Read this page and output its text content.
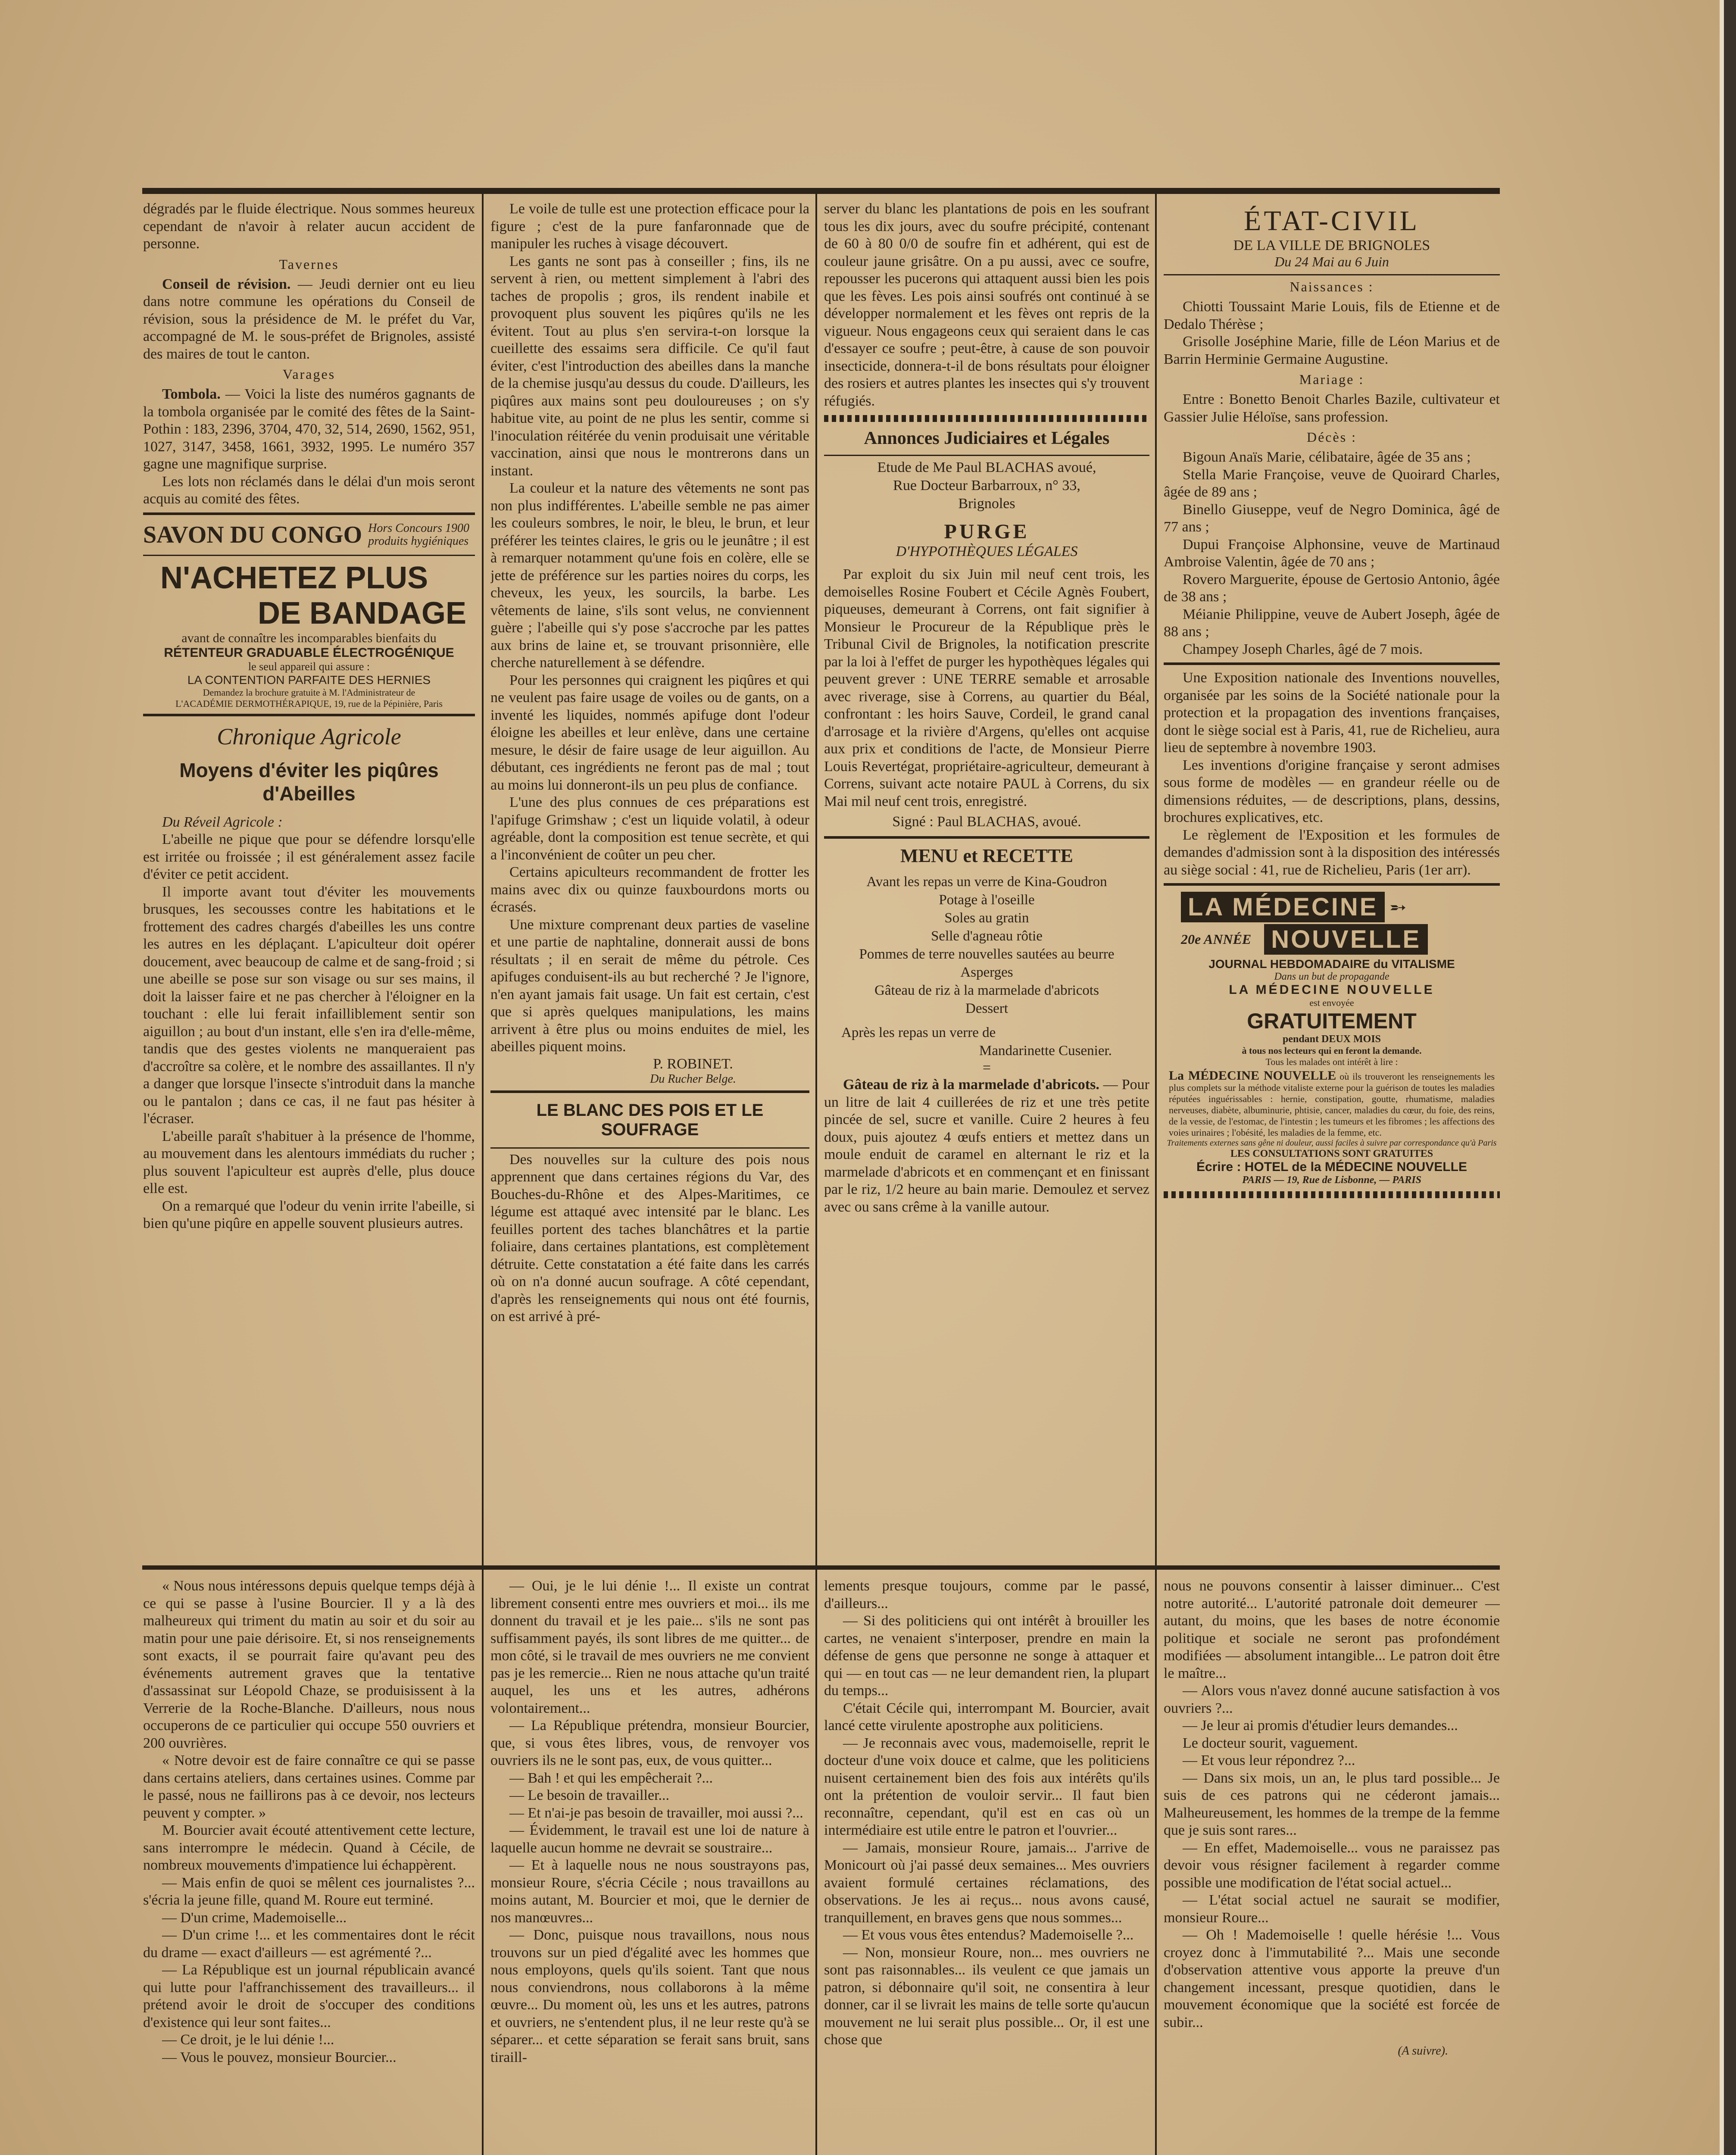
dégradés par le fluide électrique. Nous sommes heureux cependant de n'avoir à relater aucun accident de personne.

Tavernes

Conseil de révision. — Jeudi dernier ont eu lieu dans notre commune les opérations du Conseil de révision, sous la présidence de M. le préfet du Var, accompagné de M. le sous-préfet de Brignoles, assisté des maires de tout le canton.

Varages

Tombola. — Voici la liste des numéros gagnants de la tombola organisée par le comité des fêtes de la Saint-Pothin : 183, 2396, 3704, 470, 32, 514, 2690, 1562, 951, 1027, 3147, 3458, 1661, 3932, 1995. Le numéro 357 gagne une magnifique surprise.

Les lots non réclamés dans le délai d'un mois seront acquis au comité des fêtes.

SAVON DU CONGO Hors Concours 1900
produits hygiéniques
N'ACHETEZ PLUS
DE BANDAGE
avant de connaître les incomparables bienfaits du
RÉTENTEUR GRADUABLE ÉLECTROGÉNIQUE
le seul appareil qui assure :
LA CONTENTION PARFAITE DES HERNIES
Demandez la brochure gratuite à M. l'Administrateur de
L'ACADÉMIE DERMOTHÉRAPIQUE, 19, rue de la Pépinière, Paris
Chronique Agricole
Moyens d'éviter les piqûres d'Abeilles

Du Réveil Agricole :

L'abeille ne pique que pour se défendre lorsqu'elle est irritée ou froissée ; il est généralement assez facile d'éviter ce petit accident.

Il importe avant tout d'éviter les mouvements brusques, les secousses contre les habitations et le frottement des cadres chargés d'abeilles les uns contre les autres en les déplaçant. L'apiculteur doit opérer doucement, avec beaucoup de calme et de sang-froid ; si une abeille se pose sur son visage ou sur ses mains, il doit la laisser faire et ne pas chercher à l'éloigner en la touchant : elle lui ferait infailliblement sentir son aiguillon ; au bout d'un instant, elle s'en ira d'elle-même, tandis que des gestes violents ne manqueraient pas d'accroître sa colère, et le nombre des assaillantes. Il n'y a danger que lorsque l'insecte s'introduit dans la manche ou le pantalon ; dans ce cas, il ne faut pas hésiter à l'écraser.

L'abeille paraît s'habituer à la présence de l'homme, au mouvement dans les alentours immédiats du rucher ; plus souvent l'apiculteur est auprès d'elle, plus douce elle est.

On a remarqué que l'odeur du venin irrite l'abeille, si bien qu'une piqûre en appelle souvent plusieurs autres.

Le voile de tulle est une protection efficace pour la figure ; c'est de la pure fanfaronnade que de manipuler les ruches à visage découvert.

Les gants ne sont pas à conseiller ; fins, ils ne servent à rien, ou mettent simplement à l'abri des taches de propolis ; gros, ils rendent inabile et provoquent plus souvent les piqûres qu'ils ne les évitent. Tout au plus s'en servira-t-on lorsque la cueillette des essaims sera difficile. Ce qu'il faut éviter, c'est l'introduction des abeilles dans la manche de la chemise jusqu'au dessus du coude. D'ailleurs, les piqûres aux mains sont peu douloureuses ; on s'y habitue vite, au point de ne plus les sentir, comme si l'inoculation réitérée du venin produisait une véritable vaccination, ainsi que nous le montrerons dans un instant.

La couleur et la nature des vêtements ne sont pas non plus indifférentes. L'abeille semble ne pas aimer les couleurs sombres, le noir, le bleu, le brun, et leur préférer les teintes claires, le gris ou le jeunâtre ; il est à remarquer notamment qu'une fois en colère, elle se jette de préférence sur les parties noires du corps, les cheveux, les yeux, les sourcils, la barbe. Les vêtements de laine, s'ils sont velus, ne conviennent guère ; l'abeille qui s'y pose s'accroche par les pattes aux brins de laine et, se trouvant prisonnière, elle cherche naturellement à se défendre.

Pour les personnes qui craignent les piqûres et qui ne veulent pas faire usage de voiles ou de gants, on a inventé les liquides, nommés apifuge dont l'odeur éloigne les abeilles et leur enlève, dans une certaine mesure, le désir de faire usage de leur aiguillon. Au débutant, ces ingrédients ne feront pas de mal ; tout au moins lui donneront-ils un peu plus de confiance.

L'une des plus connues de ces préparations est l'apifuge Grimshaw ; c'est un liquide volatil, à odeur agréable, dont la composition est tenue secrète, et qui a l'inconvénient de coûter un peu cher.

Certains apiculteurs recommandent de frotter les mains avec dix ou quinze fauxbourdons morts ou écrasés.

Une mixture comprenant deux parties de vaseline et une partie de naphtaline, donnerait aussi de bons résultats ; il en serait de même du pétrole. Ces apifuges conduisent-ils au but recherché ? Je l'ignore, n'en ayant jamais fait usage. Un fait est certain, c'est que si après quelques manipulations, les mains arrivent à être plus ou moins enduites de miel, les abeilles piquent moins.

P. ROBINET.
Du Rucher Belge.
LE BLANC DES POIS ET LE SOUFRAGE

Des nouvelles sur la culture des pois nous apprennent que dans certaines régions du Var, des Bouches-du-Rhône et des Alpes-Maritimes, ce légume est attaqué avec intensité par le blanc. Les feuilles portent des taches blanchâtres et la partie foliaire, dans certaines plantations, est complètement détruite. Cette constatation a été faite dans les carrés où on n'a donné aucun soufrage. A côté cependant, d'après les renseignements qui nous ont été fournis, on est arrivé à pré-

server du blanc les plantations de pois en les soufrant tous les dix jours, avec du soufre précipité, contenant de 60 à 80 0/0 de soufre fin et adhérent, qui est de couleur jaune grisâtre. On a pu aussi, avec ce soufre, repousser les pucerons qui attaquent aussi bien les pois que les fèves. Les pois ainsi soufrés ont continué à se développer normalement et les fèves ont repris de la vigueur. Nous engageons ceux qui seraient dans le cas d'essayer ce soufre ; peut-être, à cause de son pouvoir insecticide, donnera-t-il de bons résultats pour éloigner des rosiers et autres plantes les insectes qui s'y trouvent réfugiés.

Annonces Judiciaires et Légales
Etude de Me Paul BLACHAS avoué,
Rue Docteur Barbarroux, n° 33,
Brignoles
PURGE
D'HYPOTHÈQUES LÉGALES

Par exploit du six Juin mil neuf cent trois, les demoiselles Rosine Foubert et Cécile Agnès Foubert, piqueuses, demeurant à Correns, ont fait signifier à Monsieur le Procureur de la République près le Tribunal Civil de Brignoles, la notification prescrite par la loi à l'effet de purger les hypothèques légales qui peuvent grever : UNE TERRE semable et arrosable avec riverage, sise à Correns, au quartier du Béal, confrontant : les hoirs Sauve, Cordeil, le grand canal d'arrosage et la rivière d'Argens, qu'elles ont acquise aux prix et conditions de l'acte, de Monsieur Pierre Louis Revertégat, propriétaire-agriculteur, demeurant à Correns, suivant acte notaire PAUL à Correns, du six Mai mil neuf cent trois, enregistré.

Signé : Paul BLACHAS, avoué.
MENU et RECETTE
Avant les repas un verre de Kina-Goudron
Potage à l'oseille
Soles au gratin
Selle d'agneau rôtie
Pommes de terre nouvelles sautées au beurre
Asperges
Gâteau de riz à la marmelade d'abricots
Dessert
Après les repas un verre de
Mandarinette Cusenier.
=

Gâteau de riz à la marmelade d'abricots. — Pour un litre de lait 4 cuillerées de riz et une très petite pincée de sel, sucre et vanille. Cuire 2 heures à feu doux, puis ajoutez 4 œufs entiers et mettez dans un moule enduit de caramel en alternant le riz et la marmelade d'abricots et en commençant et en finissant par le riz, 1/2 heure au bain marie. Demoulez et servez avec ou sans crême à la vanille autour.

ÉTAT-CIVIL
DE LA VILLE DE BRIGNOLES
Du 24 Mai au 6 Juin
Naissances :

Chiotti Toussaint Marie Louis, fils de Etienne et de Dedalo Thérèse ;

Grisolle Joséphine Marie, fille de Léon Marius et de Barrin Herminie Germaine Augustine.

Mariage :

Entre : Bonetto Benoit Charles Bazile, cultivateur et Gassier Julie Héloïse, sans profession.

Décès :

Bigoun Anaïs Marie, célibataire, âgée de 35 ans ;

Stella Marie Françoise, veuve de Quoirard Charles, âgée de 89 ans ;

Binello Giuseppe, veuf de Negro Dominica, âgé de 77 ans ;

Dupui Françoise Alphonsine, veuve de Martinaud Ambroise Valentin, âgée de 70 ans ;

Rovero Marguerite, épouse de Gertosio Antonio, âgée de 38 ans ;

Méianie Philippine, veuve de Aubert Joseph, âgée de 88 ans ;

Champey Joseph Charles, âgé de 7 mois.

Une Exposition nationale des Inventions nouvelles, organisée par les soins de la Société nationale pour la protection et la propagation des inventions françaises, dont le siège social est à Paris, 41, rue de Richelieu, aura lieu de septembre à novembre 1903.

Les inventions d'origine française y seront admises sous forme de modèles — en grandeur réelle ou de dimensions réduites, — de descriptions, plans, dessins, brochures explicatives, etc.

Le règlement de l'Exposition et les formules de demandes d'admission sont à la disposition des intéressés au siège social : 41, rue de Richelieu, Paris (1er arr).

LA MÉDECINE ➵
20e ANNÉE NOUVELLE
JOURNAL HEBDOMADAIRE du VITALISME
Dans un but de propagande
LA MÉDECINE NOUVELLE
est envoyée
GRATUITEMENT
pendant DEUX MOIS
à tous nos lecteurs qui en feront la demande.
Tous les malades ont intérêt à lire :
La MÉDECINE NOUVELLE où ils trouveront les renseignements les plus complets sur la méthode vitaliste externe pour la guérison de toutes les maladies réputées inguérissables : hernie, constipation, goutte, rhumatisme, maladies nerveuses, diabète, albuminurie, phtisie, cancer, maladies du cœur, du foie, des reins, de la vessie, de l'estomac, de l'intestin ; les tumeurs et les fibromes ; les affections des voies urinaires ; l'obésité, les maladies de la femme, etc.
Traitements externes sans gêne ni douleur, aussi faciles à suivre par correspondance qu'à Paris
LES CONSULTATIONS SONT GRATUITES
Écrire : HOTEL de la MÉDECINE NOUVELLE
PARIS — 19, Rue de Lisbonne, — PARIS

« Nous nous intéressons depuis quelque temps déjà à ce qui se passe à l'usine Bourcier. Il y a là des malheureux qui triment du matin au soir et du soir au matin pour une paie dérisoire. Et, si nos renseignements sont exacts, il se pourrait faire qu'avant peu des événements autrement graves que la tentative d'assassinat sur Léopold Chaze, se produisissent à la Verrerie de la Roche-Blanche. D'ailleurs, nous nous occuperons de ce particulier qui occupe 550 ouvriers et 200 ouvrières.

« Notre devoir est de faire connaître ce qui se passe dans certains ateliers, dans certaines usines. Comme par le passé, nous ne faillirons pas à ce devoir, nos lecteurs peuvent y compter. »

M. Bourcier avait écouté attentivement cette lecture, sans interrompre le médecin. Quand à Cécile, de nombreux mouvements d'impatience lui échappèrent.

— Mais enfin de quoi se mêlent ces journalistes ?... s'écria la jeune fille, quand M. Roure eut terminé.

— D'un crime, Mademoiselle...

— D'un crime !... et les commentaires dont le récit du drame — exact d'ailleurs — est agrémenté ?...

— La République est un journal républicain avancé qui lutte pour l'affranchissement des travailleurs... il prétend avoir le droit de s'occuper des conditions d'existence qui leur sont faites...

— Ce droit, je le lui dénie !...

— Vous le pouvez, monsieur Bourcier...

— Oui, je le lui dénie !... Il existe un contrat librement consenti entre mes ouvriers et moi... ils me donnent du travail et je les paie... s'ils ne sont pas suffisamment payés, ils sont libres de me quitter... de mon côté, si le travail de mes ouvriers ne me convient pas je les remercie... Rien ne nous attache qu'un traité auquel, les uns et les autres, adhérons volontairement...

— La République prétendra, monsieur Bourcier, que, si vous êtes libres, vous, de renvoyer vos ouvriers ils ne le sont pas, eux, de vous quitter...

— Bah ! et qui les empêcherait ?...

— Le besoin de travailler...

— Et n'ai-je pas besoin de travailler, moi aussi ?...

— Évidemment, le travail est une loi de nature à laquelle aucun homme ne devrait se soustraire...

— Et à laquelle nous ne nous soustrayons pas, monsieur Roure, s'écria Cécile ; nous travaillons au moins autant, M. Bourcier et moi, que le dernier de nos manœuvres...

— Donc, puisque nous travaillons, nous nous trouvons sur un pied d'égalité avec les hommes que nous employons, quels qu'ils soient. Tant que nous nous conviendrons, nous collaborons à la même œuvre... Du moment où, les uns et les autres, patrons et ouvriers, ne s'entendent plus, il ne leur reste qu'à se séparer... et cette séparation se ferait sans bruit, sans tiraill-

lements presque toujours, comme par le passé, d'ailleurs...

— Si des politiciens qui ont intérêt à brouiller les cartes, ne venaient s'interposer, prendre en main la défense de gens que personne ne songe à attaquer et qui — en tout cas — ne leur demandent rien, la plupart du temps...

C'était Cécile qui, interrompant M. Bourcier, avait lancé cette virulente apostrophe aux politiciens.

— Je reconnais avec vous, mademoiselle, reprit le docteur d'une voix douce et calme, que les politiciens nuisent certainement bien des fois aux intérêts qu'ils ont la prétention de vouloir servir... Il faut bien reconnaître, cependant, qu'il est en cas où un intermédiaire est utile entre le patron et l'ouvrier...

— Jamais, monsieur Roure, jamais... J'arrive de Monicourt où j'ai passé deux semaines... Mes ouvriers avaient formulé certaines réclamations, des observations. Je les ai reçus... nous avons causé, tranquillement, en braves gens que nous sommes...

— Et vous vous êtes entendus? Mademoiselle ?...

— Non, monsieur Roure, non... mes ouvriers ne sont pas raisonnables... ils veulent ce que jamais un patron, si débonnaire qu'il soit, ne consentira à leur donner, car il se livrait les mains de telle sorte qu'aucun mouvement ne lui serait plus possible... Or, il est une chose que

nous ne pouvons consentir à laisser diminuer... C'est notre autorité... L'autorité patronale doit demeurer — autant, du moins, que les bases de notre économie politique et sociale ne seront pas profondément modifiées — absolument intangible... Le patron doit être le maître...

— Alors vous n'avez donné aucune satisfaction à vos ouvriers ?...

— Je leur ai promis d'étudier leurs demandes...

Le docteur sourit, vaguement.

— Et vous leur répondrez ?...

— Dans six mois, un an, le plus tard possible... Je suis de ces patrons qui ne céderont jamais... Malheureusement, les hommes de la trempe de la femme que je suis sont rares...

— En effet, Mademoiselle... vous ne paraissez pas devoir vous résigner facilement à regarder comme possible une modification de l'état social actuel...

— L'état social actuel ne saurait se modifier, monsieur Roure...

— Oh ! Mademoiselle ! quelle hérésie !... Vous croyez donc à l'immutabilité ?... Mais une seconde d'observation attentive vous apporte la preuve d'un changement incessant, presque quotidien, dans le mouvement économique que la société est forcée de subir...

(A suivre).
